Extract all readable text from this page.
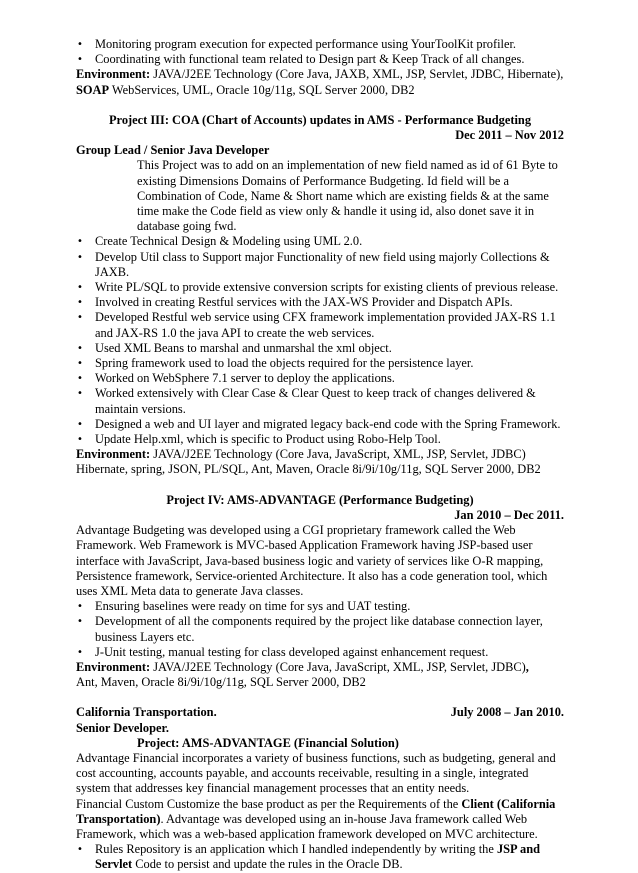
• Monitoring program execution for expected performance using YourToolKit profiler.
• Coordinating with functional team related to Design part & Keep Track of all changes.

Environment: JAVA/J2EE Technology (Core Java, JAXB, XML, JSP, Servlet, JDBC, Hibernate),

SOAP WebServices, UML, Oracle 10g/11g, SQL Server 2000, DB2

Project III: COA (Chart of Accounts) updates in AMS - Performance Budgeting

Dec 2011 – Nov 2012

Group Lead / Senior Java Developer

This Project was to add on an implementation of new field named as id of 61 Byte to existing Dimensions Domains of Performance Budgeting. Id field will be a Combination of Code, Name & Short name which are existing fields & at the same time make the Code field as view only & handle it using id, also donet save it in database going fwd.

• Create Technical Design & Modeling using UML 2.0.
• Develop Util class to Support major Functionality of new field using majorly Collections & JAXB.
• Write PL/SQL to provide extensive conversion scripts for existing clients of previous release.
• Involved in creating Restful services with the JAX-WS Provider and Dispatch APIs.
• Developed Restful web service using CFX framework implementation provided JAX-RS 1.1 and JAX-RS 1.0 the java API to create the web services.
• Used XML Beans to marshal and unmarshal the xml object.
• Spring framework used to load the objects required for the persistence layer.
• Worked on WebSphere 7.1 server to deploy the applications.
• Worked extensively with Clear Case & Clear Quest to keep track of changes delivered & maintain versions.
• Designed a web and UI layer and migrated legacy back-end code with the Spring Framework.
• Update Help.xml, which is specific to Product using Robo-Help Tool.

Environment: JAVA/J2EE Technology (Core Java, JavaScript, XML, JSP, Servlet, JDBC)

Hibernate, spring, JSON, PL/SQL, Ant, Maven, Oracle 8i/9i/10g/11g, SQL Server 2000, DB2

Project IV: AMS-ADVANTAGE (Performance Budgeting)

Jan 2010 – Dec 2011.

Advantage Budgeting was developed using a CGI proprietary framework called the Web Framework. Web Framework is MVC-based Application Framework having JSP-based user interface with JavaScript, Java-based business logic and variety of services like O-R mapping, Persistence framework, Service-oriented Architecture. It also has a code generation tool, which uses XML Meta data to generate Java classes.

• Ensuring baselines were ready on time for sys and UAT testing.
• Development of all the components required by the project like database connection layer, business Layers etc.
• J-Unit testing, manual testing for class developed against enhancement request.

Environment: JAVA/J2EE Technology (Core Java, JavaScript, XML, JSP, Servlet, JDBC),

Ant, Maven, Oracle 8i/9i/10g/11g, SQL Server 2000, DB2

California Transportation.	July 2008 – Jan 2010.

Senior Developer.

Project: AMS-ADVANTAGE (Financial Solution)

Advantage Financial incorporates a variety of business functions, such as budgeting, general and cost accounting, accounts payable, and accounts receivable, resulting in a single, integrated system that addresses key financial management processes that an entity needs.

Financial Custom Customize the base product as per the Requirements of the Client (California Transportation). Advantage was developed using an in-house Java framework called Web Framework, which was a web-based application framework developed on MVC architecture.

• Rules Repository is an application which I handled independently by writing the JSP and Servlet Code to persist and update the rules in the Oracle DB.
